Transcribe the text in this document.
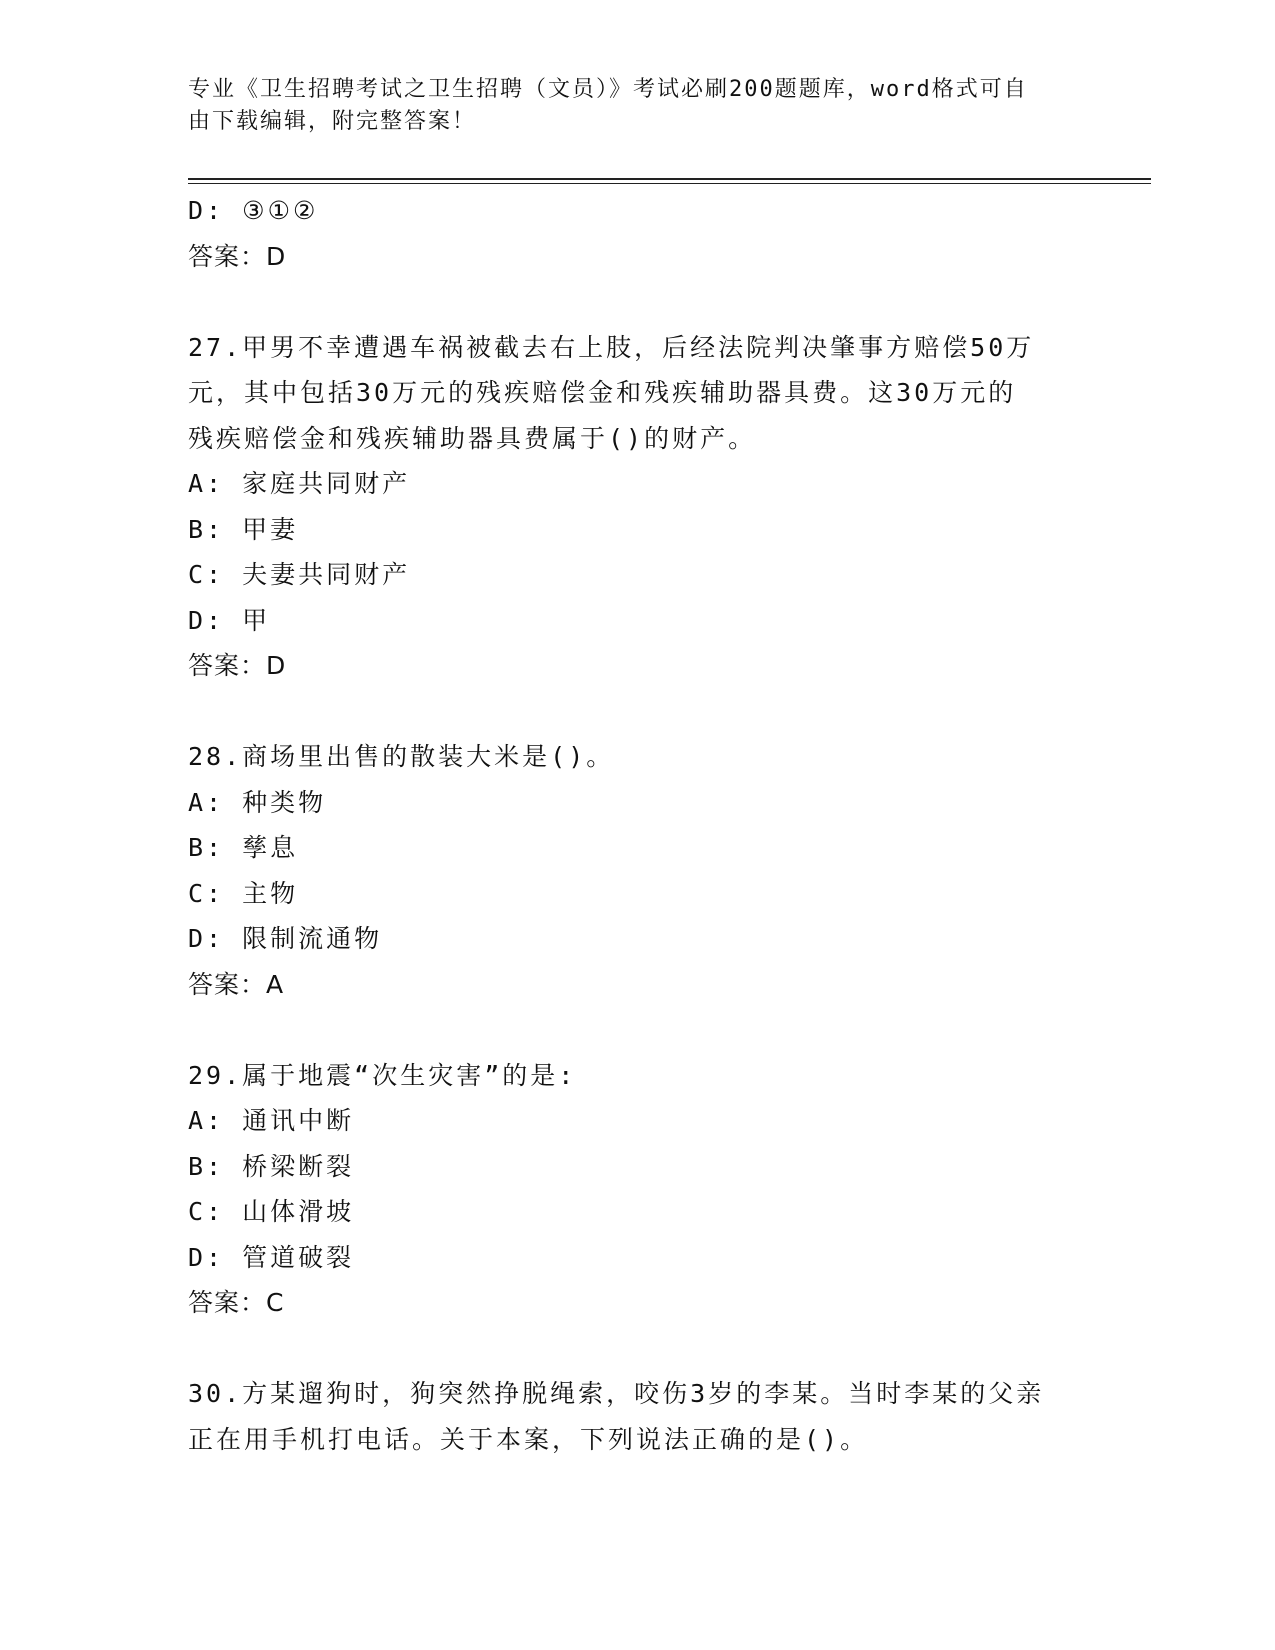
专业《卫生招聘考试之卫生招聘（文员）》考试必刷200题题库，word格式可自
由下载编辑，附完整答案！
D: ③①②
答案：D
27.甲男不幸遭遇车祸被截去右上肢，后经法院判决肇事方赔偿50万
元，其中包括30万元的残疾赔偿金和残疾辅助器具费。这30万元的
残疾赔偿金和残疾辅助器具费属于()的财产。
A: 家庭共同财产
B: 甲妻
C: 夫妻共同财产
D: 甲
答案：D
28.商场里出售的散装大米是()。
A: 种类物
B: 孳息
C: 主物
D: 限制流通物
答案：A
29.属于地震“次生灾害”的是:
A: 通讯中断
B: 桥梁断裂
C: 山体滑坡
D: 管道破裂
答案：C
30.方某遛狗时，狗突然挣脱绳索，咬伤3岁的李某。当时李某的父亲
正在用手机打电话。关于本案，下列说法正确的是()。
